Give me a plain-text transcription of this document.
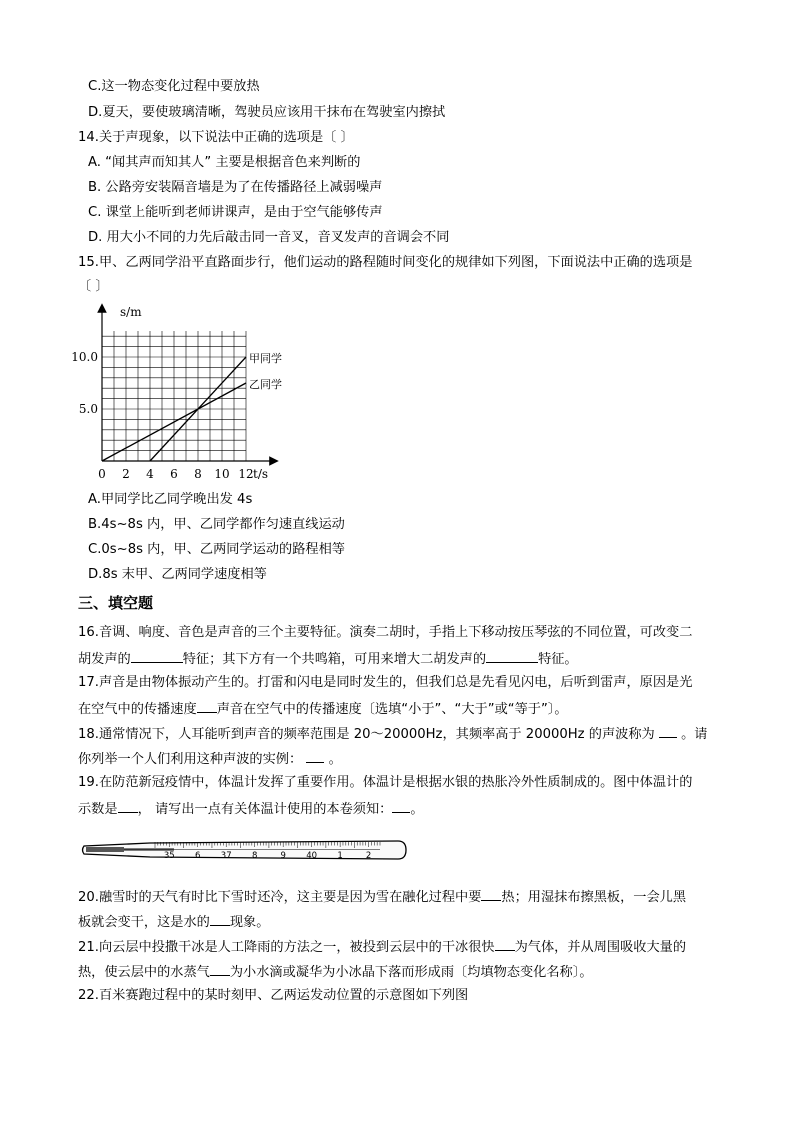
C.这一物态变化过程中要放热
D.夏天，要使玻璃清晰，驾驶员应该用干抹布在驾驶室内擦拭
14.关于声现象，以下说法中正确的选项是〔 〕
A. “闻其声而知其人” 主要是根据音色来判断的
B. 公路旁安装隔音墙是为了在传播路径上减弱噪声
C. 课堂上能听到老师讲课声，是由于空气能够传声
D. 用大小不同的力先后敲击同一音叉，音叉发声的音调会不同
15.甲、乙两同学沿平直路面步行，他们运动的路程随时间变化的规律如下列图，下面说法中正确的选项是
〔 〕
s/m
t/s
0 2 4 6 8 10 12
5.0
10.0	甲同学
乙同学
A.甲同学比乙同学晚出发 4s
B.4s~8s 内，甲、乙同学都作匀速直线运动
C.0s~8s 内，甲、乙两同学运动的路程相等
D.8s 末甲、乙两同学速度相等
三、填空题
16.音调、响度、音色是声音的三个主要特征。演奏二胡时，手指上下移动按压琴弦的不同位置，可改变二
胡发声的	特征；其下方有一个共鸣箱，可用来增大二胡发声的	特征。
17.声音是由物体振动产生的。打雷和闪电是同时发生的，但我们总是先看见闪电，后听到雷声，原因是光
在空气中的传播速度 声音在空气中的传播速度〔选填“小于”、“大于”或“等于”〕。
18.通常情况下，人耳能听到声音的频率范围是 20～20000Hz，其频率高于 20000Hz 的声波称为  。请
你列举一个人们利用这种声波的实例：  。
19.在防范新冠疫情中，体温计发挥了重要作用。体温计是根据水银的热胀冷外性质制成的。图中体温计的
示数是 ， 请写出一点有关体温计使用的本卷须知： 。
35 6 37 8	9 40 1	2
20.融雪时的天气有时比下雪时还冷，这主要是因为雪在融化过程中要 热；用湿抹布擦黑板，一会儿黑
板就会变干，这是水的 现象。
21.向云层中投撒干冰是人工降雨的方法之一，被投到云层中的干冰很快 为气体，并从周围吸收大量的
热，使云层中的水蒸气 为小水滴或凝华为小冰晶下落而形成雨〔均填物态变化名称〕。
22.百米赛跑过程中的某时刻甲、乙两运发动位置的示意图如下列图
